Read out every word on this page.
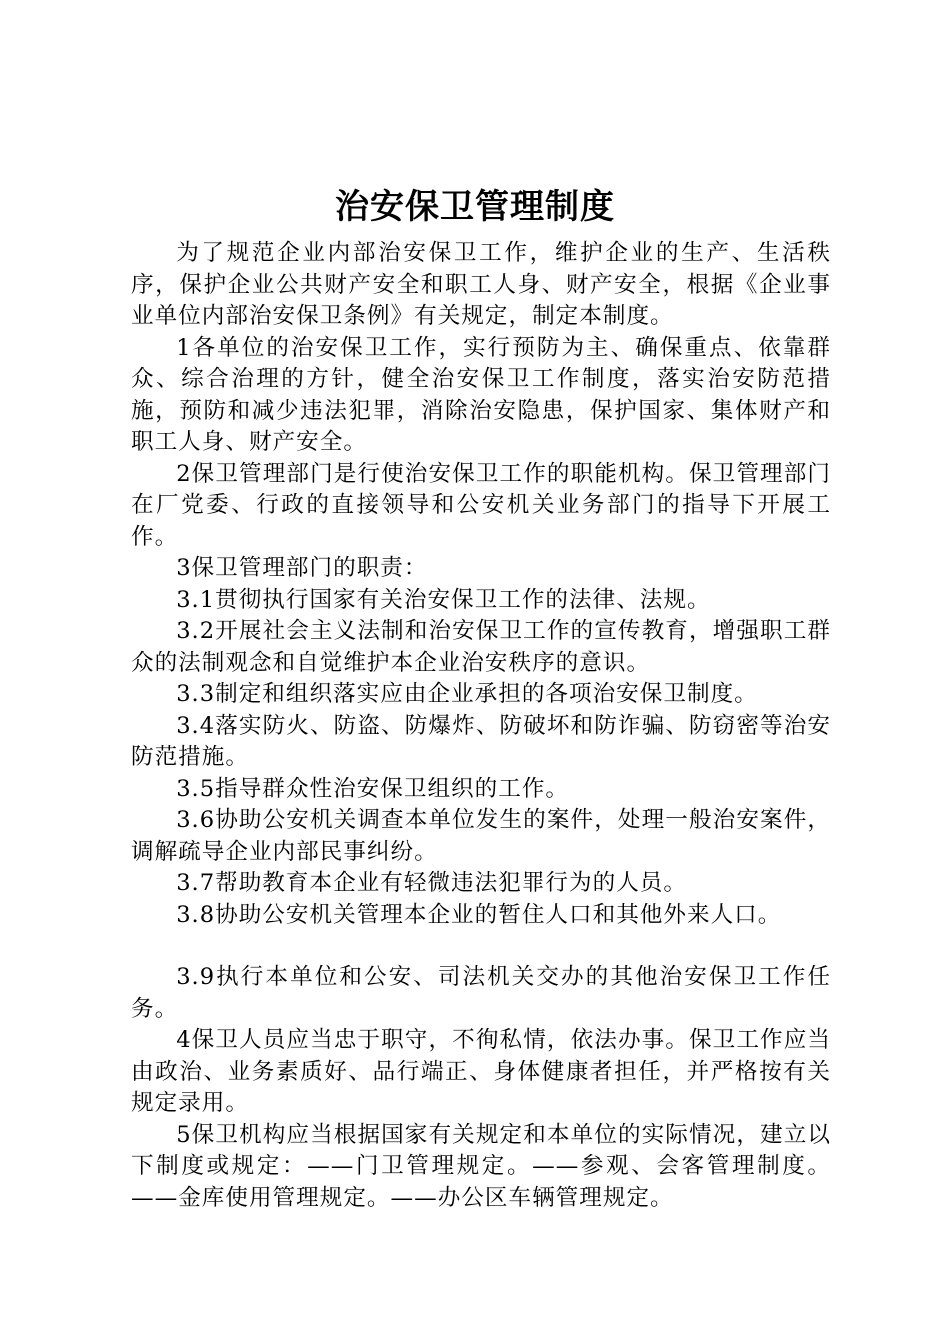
治安保卫管理制度

为了规范企业内部治安保卫工作，维护企业的生产、生活秩序，保护企业公共财产安全和职工人身、财产安全，根据《企业事业单位内部治安保卫条例》有关规定，制定本制度。

1各单位的治安保卫工作，实行预防为主、确保重点、依靠群众、综合治理的方针，健全治安保卫工作制度，落实治安防范措施，预防和减少违法犯罪，消除治安隐患，保护国家、集体财产和职工人身、财产安全。

2保卫管理部门是行使治安保卫工作的职能机构。保卫管理部门在厂党委、行政的直接领导和公安机关业务部门的指导下开展工作。

3保卫管理部门的职责：

3.1贯彻执行国家有关治安保卫工作的法律、法规。

3.2开展社会主义法制和治安保卫工作的宣传教育，增强职工群众的法制观念和自觉维护本企业治安秩序的意识。

3.3制定和组织落实应由企业承担的各项治安保卫制度。

3.4落实防火、防盗、防爆炸、防破坏和防诈骗、防窃密等治安防范措施。

3.5指导群众性治安保卫组织的工作。

3.6协助公安机关调查本单位发生的案件，处理一般治安案件，调解疏导企业内部民事纠纷。

3.7帮助教育本企业有轻微违法犯罪行为的人员。

3.8协助公安机关管理本企业的暂住人口和其他外来人口。

3.9执行本单位和公安、司法机关交办的其他治安保卫工作任务。

4保卫人员应当忠于职守，不徇私情，依法办事。保卫工作应当由政治、业务素质好、品行端正、身体健康者担任，并严格按有关规定录用。

5保卫机构应当根据国家有关规定和本单位的实际情况，建立以下制度或规定：——门卫管理规定。——参观、会客管理制度。——金库使用管理规定。——办公区车辆管理规定。
